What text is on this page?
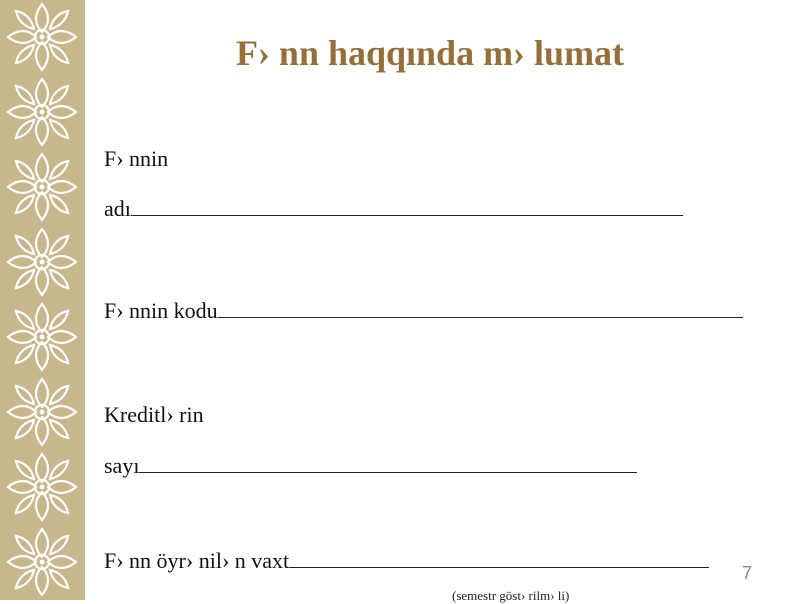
F› nn haqqında m› lumat
F› nnin
adı
F› nnin kodu
Kreditl› rin
sayı
F› nn öyr› nil› n vaxt
(semestr göst› rilm› li)
7
